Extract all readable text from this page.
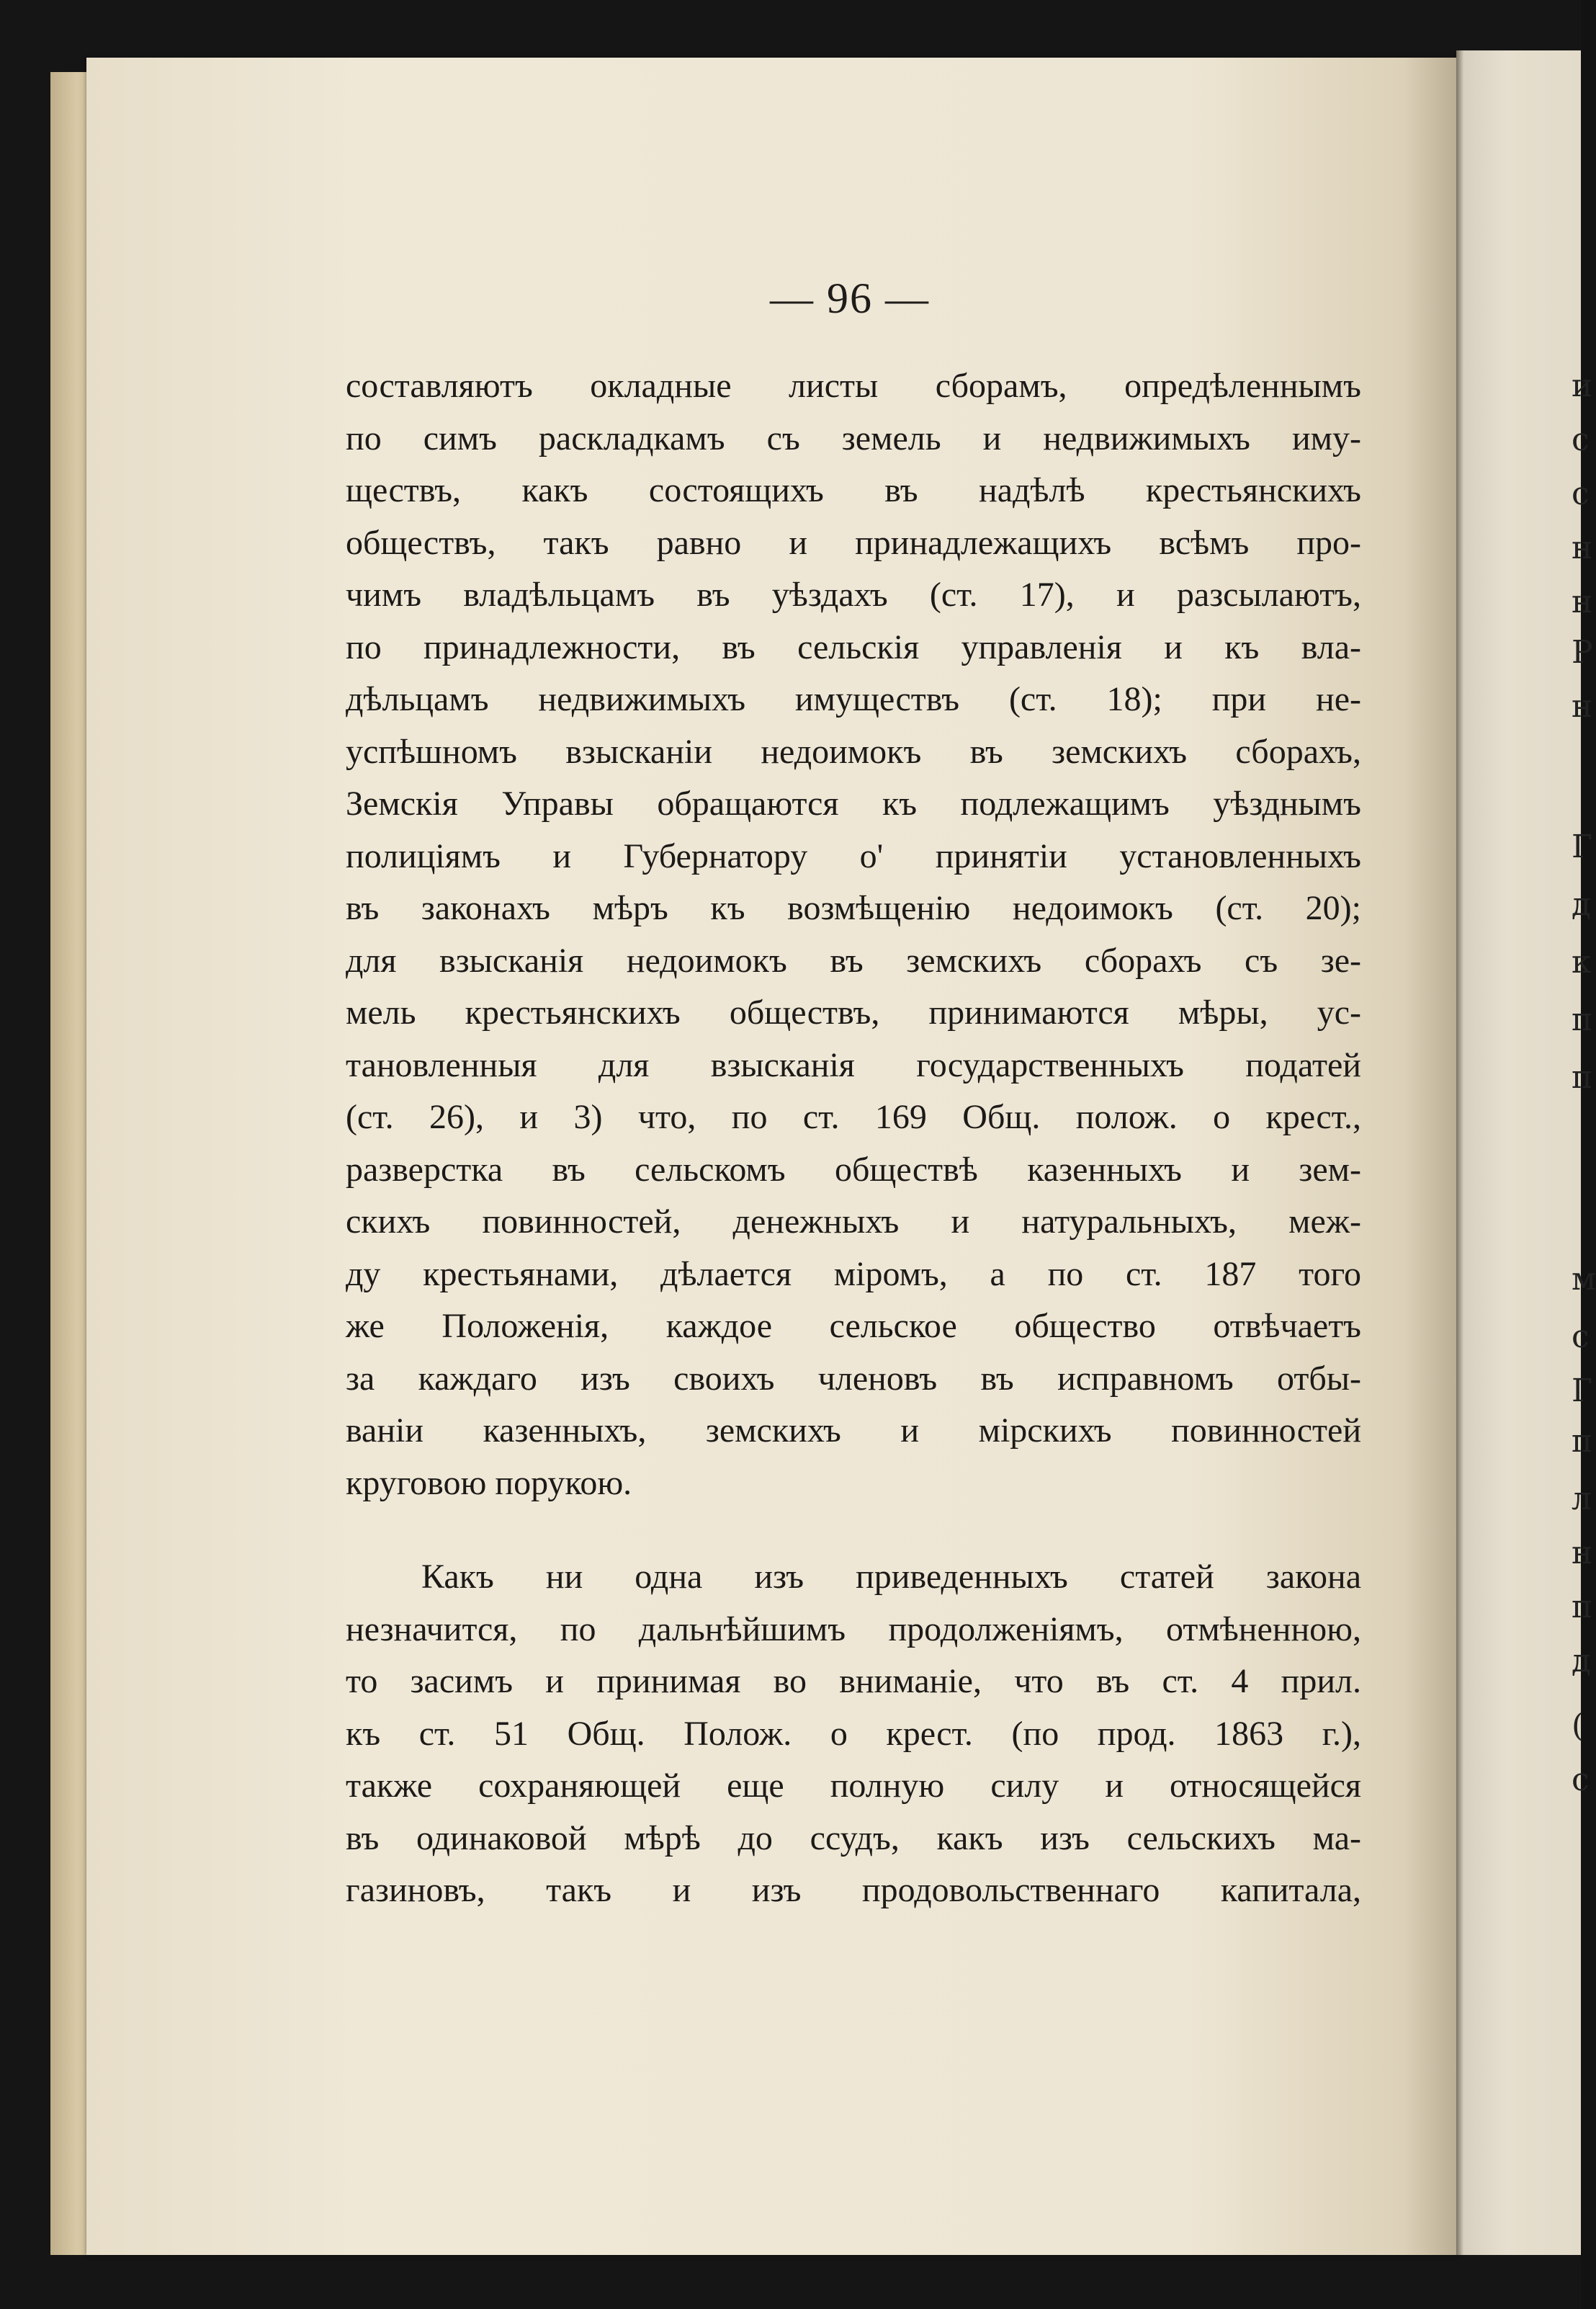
и
с
с
н
н
Р
н
Г
д
к
п
п
м
с
Г
п
л
н
п
д
(
с
— 96 —
составляютъ окладные листы сборамъ, опредѣленнымъ
по симъ раскладкамъ съ земель и недвижимыхъ иму-
ществъ, какъ состоящихъ въ надѣлѣ крестьянскихъ
обществъ, такъ равно и принадлежащихъ всѣмъ про-
чимъ владѣльцамъ въ уѣздахъ (ст. 17), и разсылаютъ,
по принадлежности, въ сельскія управленія и къ вла-
дѣльцамъ недвижимыхъ имуществъ (ст. 18); при не-
успѣшномъ взысканіи недоимокъ въ земскихъ сборахъ,
Земскія Управы обращаются къ подлежащимъ уѣзднымъ
полиціямъ и Губернатору о' принятіи установленныхъ
въ законахъ мѣръ къ возмѣщенію недоимокъ (ст. 20);
для взысканія недоимокъ въ земскихъ сборахъ съ зе-
мель крестьянскихъ обществъ, принимаются мѣры, ус-
тановленныя для взысканія государственныхъ податей
(ст. 26), и 3) что, по ст. 169 Общ. полож. о крест.,
разверстка въ сельскомъ обществѣ казенныхъ и зем-
скихъ повинностей, денежныхъ и натуральныхъ, меж-
ду крестьянами, дѣлается міромъ, а по ст. 187 того
же Положенія, каждое сельское общество отвѣчаетъ
за каждаго изъ своихъ членовъ въ исправномъ отбы-
ваніи казенныхъ, земскихъ и мірскихъ повинностей
круговою порукою.
Какъ ни одна изъ приведенныхъ статей закона
незначится, по дальнѣйшимъ продолженіямъ, отмѣненною,
то засимъ и принимая во вниманіе, что въ ст. 4 прил.
къ ст. 51 Общ. Полож. о крест. (по прод. 1863 г.),
также сохраняющей еще полную силу и относящейся
въ одинаковой мѣрѣ до ссудъ, какъ изъ сельскихъ ма-
газиновъ, такъ и изъ продовольственнаго капитала,
